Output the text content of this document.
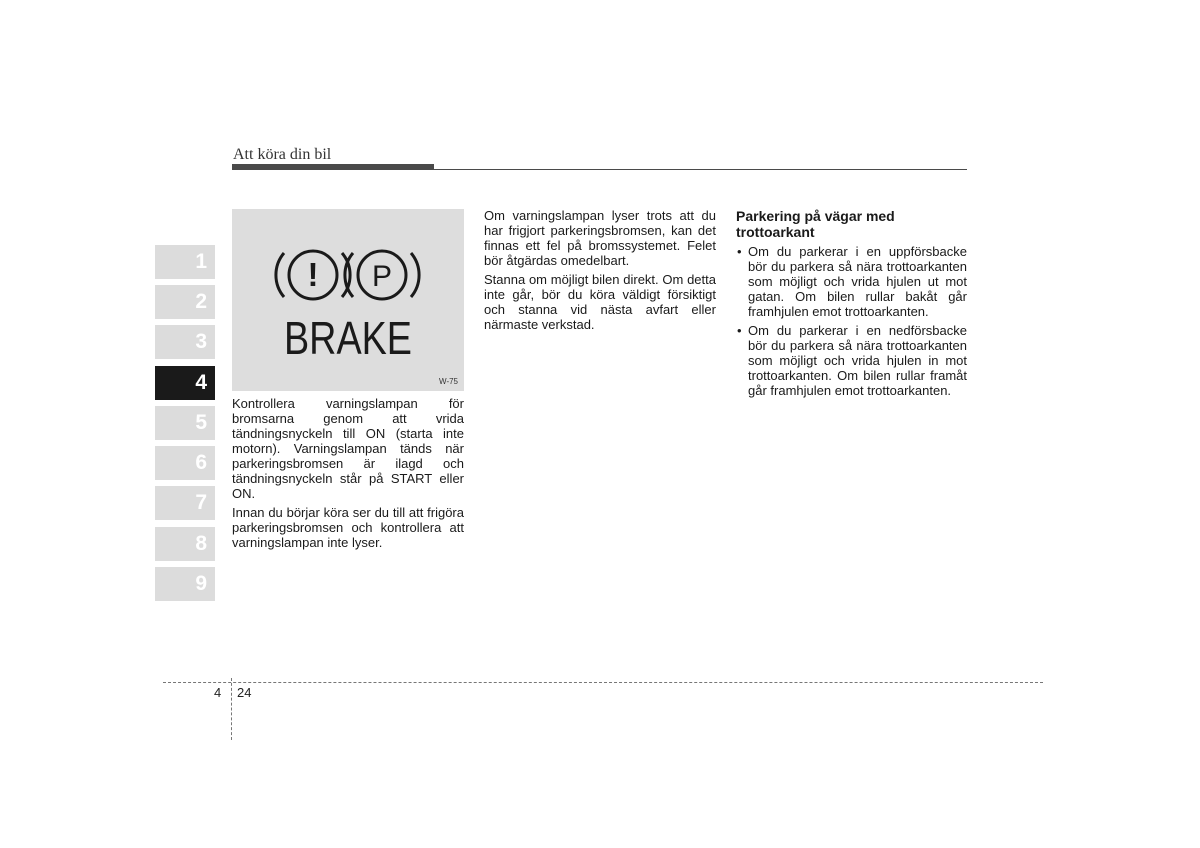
Att köra din bil
1
2
3
4
5
6
7
8
9
! P
BRAKE
W-75

Kontrollera varningslampan för bromsarna genom att vrida tändningsnyckeln till ON (starta inte motorn). Varningslampan tänds när parkeringsbromsen är ilagd och tändningsnyckeln står på START eller ON.

Innan du börjar köra ser du till att frigöra parkeringsbromsen och kontrollera att varningslampan inte lyser.

Om varningslampan lyser trots att du har frigjort parkeringsbromsen, kan det finnas ett fel på bromssystemet. Felet bör åtgärdas omedelbart.

Stanna om möjligt bilen direkt. Om detta inte går, bör du köra väldigt försiktigt och stanna vid nästa avfart eller närmaste verkstad.

Parkering på vägar med trottoarkant
• Om du parkerar i en uppförsbacke bör du parkera så nära trottoarkanten som möjligt och vrida hjulen ut mot gatan. Om bilen rullar bakåt går framhjulen emot trottoarkanten.
• Om du parkerar i en nedförsbacke bör du parkera så nära trottoarkanten som möjligt och vrida hjulen in mot trottoarkanten. Om bilen rullar framåt går framhjulen emot trottoarkanten.
4 24
